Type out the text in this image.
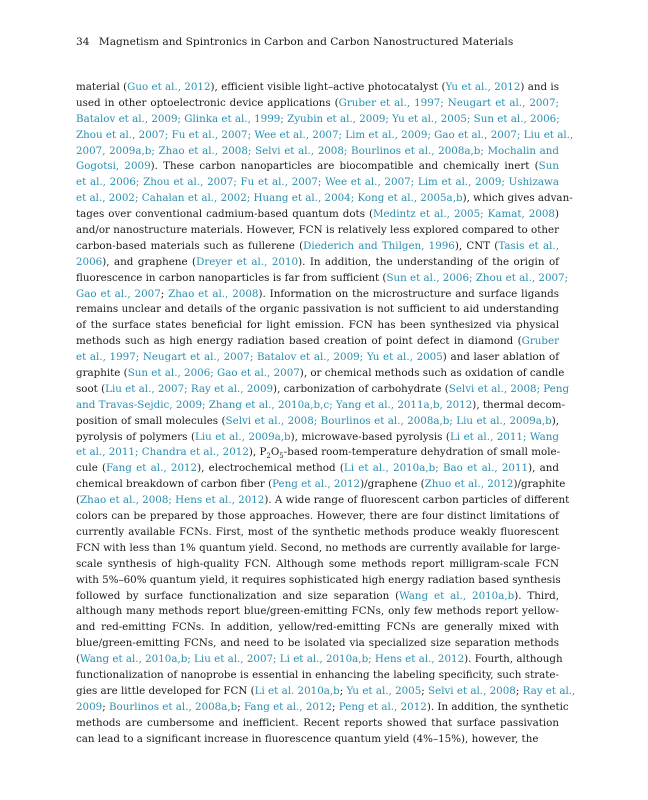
34 Magnetism and Spintronics in Carbon and Carbon Nanostructured Materials
material (Guo et al., 2012), efficient visible light–active photocatalyst (Yu et al., 2012) and is
used in other optoelectronic device applications (Gruber et al., 1997; Neugart et al., 2007;
Batalov et al., 2009; Glinka et al., 1999; Zyubin et al., 2009; Yu et al., 2005; Sun et al., 2006;
Zhou et al., 2007; Fu et al., 2007; Wee et al., 2007; Lim et al., 2009; Gao et al., 2007; Liu et al.,
2007, 2009a,b; Zhao et al., 2008; Selvi et al., 2008; Bourlinos et al., 2008a,b; Mochalin and
Gogotsi, 2009). These carbon nanoparticles are biocompatible and chemically inert (Sun
et al., 2006; Zhou et al., 2007; Fu et al., 2007; Wee et al., 2007; Lim et al., 2009; Ushizawa
et al., 2002; Cahalan et al., 2002; Huang et al., 2004; Kong et al., 2005a,b), which gives advan-
tages over conventional cadmium-based quantum dots (Medintz et al., 2005; Kamat, 2008)
and/or nanostructure materials. However, FCN is relatively less explored compared to other
carbon-based materials such as fullerene (Diederich and Thilgen, 1996), CNT (Tasis et al.,
2006), and graphene (Dreyer et al., 2010). In addition, the understanding of the origin of
fluorescence in carbon nanoparticles is far from sufficient (Sun et al., 2006; Zhou et al., 2007;
Gao et al., 2007; Zhao et al., 2008). Information on the microstructure and surface ligands
remains unclear and details of the organic passivation is not sufficient to aid understanding
of the surface states beneficial for light emission. FCN has been synthesized via physical
methods such as high energy radiation based creation of point defect in diamond (Gruber
et al., 1997; Neugart et al., 2007; Batalov et al., 2009; Yu et al., 2005) and laser ablation of
graphite (Sun et al., 2006; Gao et al., 2007), or chemical methods such as oxidation of candle
soot (Liu et al., 2007; Ray et al., 2009), carbonization of carbohydrate (Selvi et al., 2008; Peng
and Travas-Sejdic, 2009; Zhang et al., 2010a,b,c; Yang et al., 2011a,b, 2012), thermal decom-
position of small molecules (Selvi et al., 2008; Bourlinos et al., 2008a,b; Liu et al., 2009a,b),
pyrolysis of polymers (Liu et al., 2009a,b), microwave-based pyrolysis (Li et al., 2011; Wang
et al., 2011; Chandra et al., 2012), $P_2O_5$-based room-temperature dehydration of small mole-
cule (Fang et al., 2012), electrochemical method (Li et al., 2010a,b; Bao et al., 2011), and
chemical breakdown of carbon fiber (Peng et al., 2012)/graphene (Zhuo et al., 2012)/graphite
(Zhao et al., 2008; Hens et al., 2012). A wide range of fluorescent carbon particles of different
colors can be prepared by those approaches. However, there are four distinct limitations of
currently available FCNs. First, most of the synthetic methods produce weakly fluorescent
FCN with less than 1% quantum yield. Second, no methods are currently available for large-
scale synthesis of high-quality FCN. Although some methods report milligram-scale FCN
with 5%–60% quantum yield, it requires sophisticated high energy radiation based synthesis
followed by surface functionalization and size separation (Wang et al., 2010a,b). Third,
although many methods report blue/green-emitting FCNs, only few methods report yellow-
and red-emitting FCNs. In addition, yellow/red-emitting FCNs are generally mixed with
blue/green-emitting FCNs, and need to be isolated via specialized size separation methods
(Wang et al., 2010a,b; Liu et al., 2007; Li et al., 2010a,b; Hens et al., 2012). Fourth, although
functionalization of nanoprobe is essential in enhancing the labeling specificity, such strate-
gies are little developed for FCN (Li et al. 2010a,b; Yu et al., 2005; Selvi et al., 2008; Ray et al.,
2009; Bourlinos et al., 2008a,b; Fang et al., 2012; Peng et al., 2012). In addition, the synthetic
methods are cumbersome and inefficient. Recent reports showed that surface passivation
can lead to a significant increase in fluorescence quantum yield (4%–15%), however, the
